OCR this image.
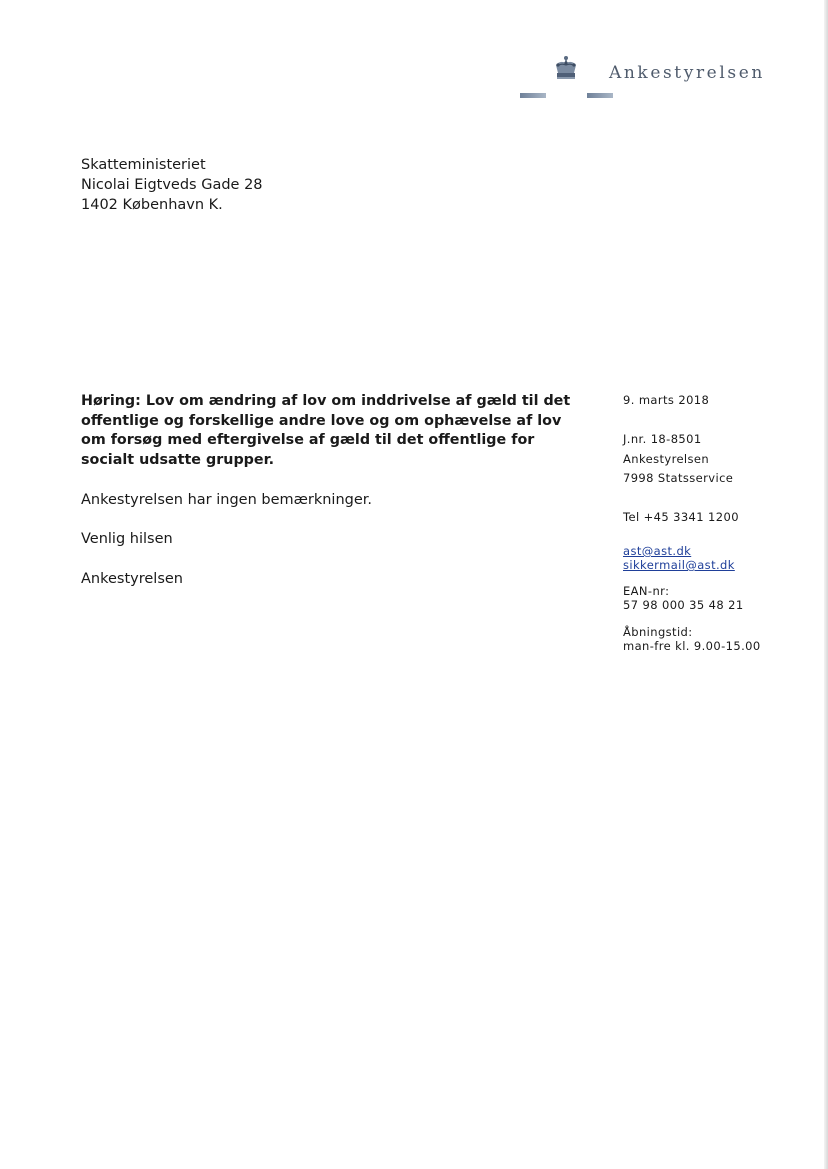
Ankestyrelsen
Skatteministeriet
Nicolai Eigtveds Gade 28
1402 København K.
Høring: Lov om ændring af lov om inddrivelse af gæld til det offentlige og forskellige andre love og om ophævelse af lov om forsøg med eftergivelse af gæld til det offentlige for socialt udsatte grupper.
Ankestyrelsen har ingen bemærkninger.
Venlig hilsen
Ankestyrelsen
9. marts 2018
J.nr. 18-8501
Ankestyrelsen
7998 Statsservice
Tel +45 3341 1200
ast@ast.dk
sikkermail@ast.dk
EAN-nr:
57 98 000 35 48 21
Åbningstid:
man-fre kl. 9.00-15.00
